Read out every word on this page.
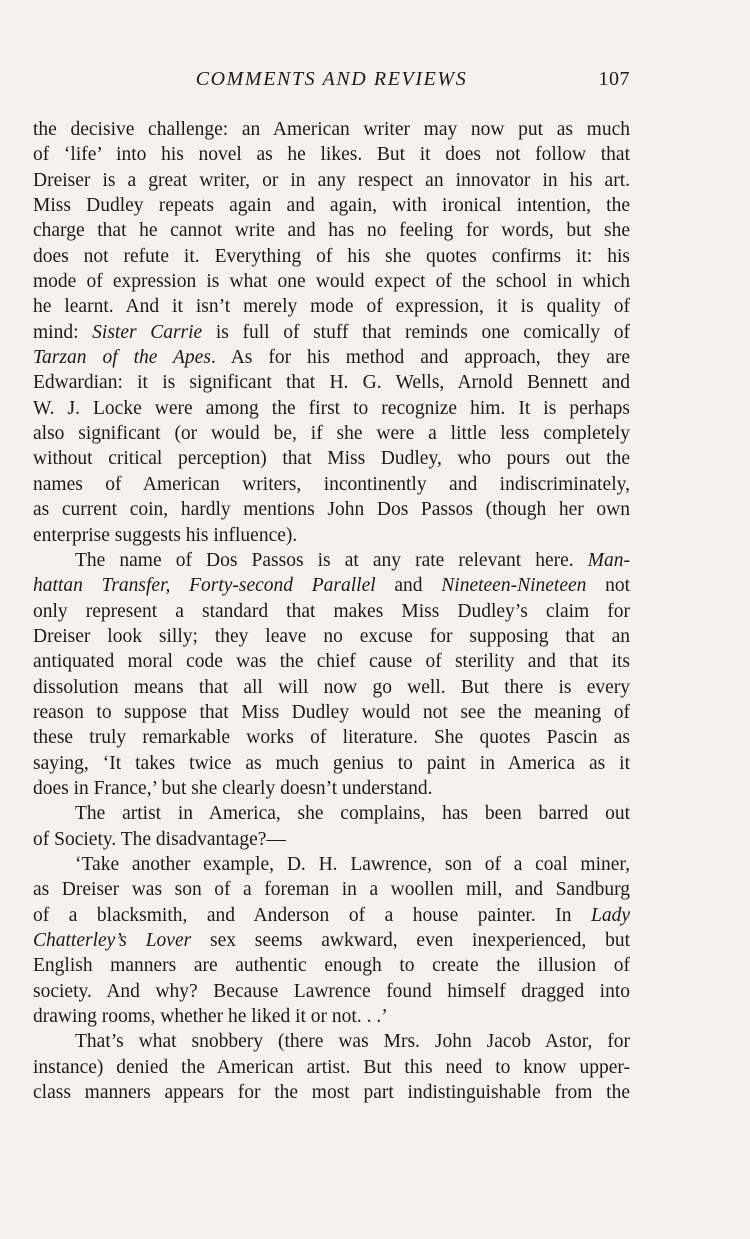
COMMENTS AND REVIEWS	107
the decisive challenge: an American writer may now put as much
of ‘life’ into his novel as he likes. But it does not follow that
Dreiser is a great writer, or in any respect an innovator in his art.
Miss Dudley repeats again and again, with ironical intention, the
charge that he cannot write and has no feeling for words, but she
does not refute it. Everything of his she quotes confirms it: his
mode of expression is what one would expect of the school in which
he learnt. And it isn’t merely mode of expression, it is quality of
mind: Sister Carrie is full of stuff that reminds one comically of
Tarzan of the Apes. As for his method and approach, they are
Edwardian: it is significant that H. G. Wells, Arnold Bennett and
W. J. Locke were among the first to recognize him. It is perhaps
also significant (or would be, if she were a little less completely
without critical perception) that Miss Dudley, who pours out the
names of American writers, incontinently and indiscriminately,
as current coin, hardly mentions John Dos Passos (though her own
enterprise suggests his influence).
The name of Dos Passos is at any rate relevant here. Man-
hattan Transfer, Forty-second Parallel and Nineteen-Nineteen not
only represent a standard that makes Miss Dudley’s claim for
Dreiser look silly; they leave no excuse for supposing that an
antiquated moral code was the chief cause of sterility and that its
dissolution means that all will now go well. But there is every
reason to suppose that Miss Dudley would not see the meaning of
these truly remarkable works of literature. She quotes Pascin as
saying, ‘It takes twice as much genius to paint in America as it
does in France,’ but she clearly doesn’t understand.
The artist in America, she complains, has been barred out
of Society. The disadvantage?—
‘Take another example, D. H. Lawrence, son of a coal miner,
as Dreiser was son of a foreman in a woollen mill, and Sandburg
of a blacksmith, and Anderson of a house painter. In Lady
Chatterley’s Lover sex seems awkward, even inexperienced, but
English manners are authentic enough to create the illusion of
society. And why? Because Lawrence found himself dragged into
drawing rooms, whether he liked it or not. . .’
That’s what snobbery (there was Mrs. John Jacob Astor, for
instance) denied the American artist. But this need to know upper-
class manners appears for the most part indistinguishable from the
